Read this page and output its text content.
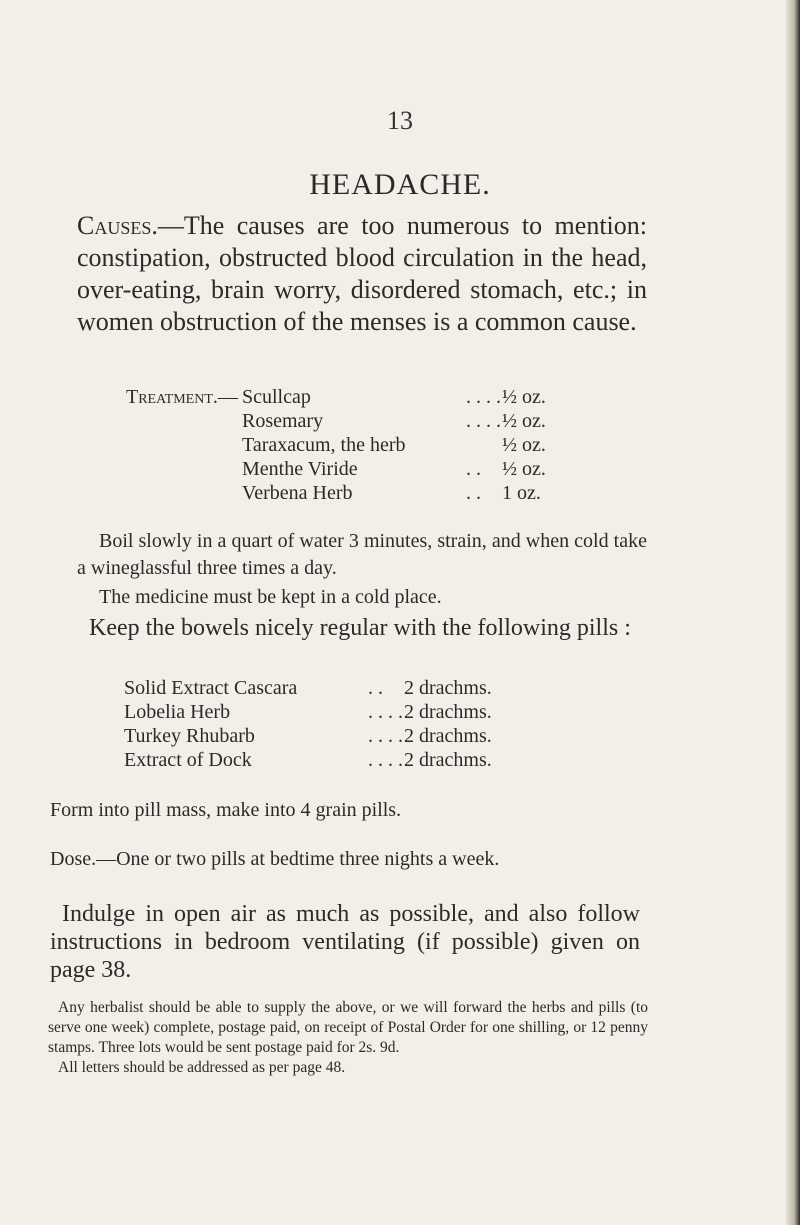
13
HEADACHE.
Causes.—The causes are too numerous to mention: constipation, obstructed blood circulation in the head, over-eating, brain worry, disordered stomach, etc.; in women obstruction of the menses is a common cause.
Treatment.— Scullcap	. . . . ½ oz.
Rosemary	. . . . ½ oz.
Taraxacum, the herb	½ oz.
Menthe Viride	. . ½ oz.
Verbena Herb	. . 1 oz.
Boil slowly in a quart of water 3 minutes, strain, and when cold take a wineglassful three times a day.
The medicine must be kept in a cold place.
Keep the bowels nicely regular with the following pills :
Solid Extract Cascara	. . 2 drachms.
Lobelia Herb	. . . . 2 drachms.
Turkey Rhubarb	. . . . 2 drachms.
Extract of Dock	. . . . 2 drachms.
Form into pill mass, make into 4 grain pills.
Dose.—One or two pills at bedtime three nights a week.
Indulge in open air as much as possible, and also follow instructions in bedroom ventilating (if possible) given on page 38.
Any herbalist should be able to supply the above, or we will forward the herbs and pills (to serve one week) complete, postage paid, on receipt of Postal Order for one shilling, or 12 penny stamps. Three lots would be sent postage paid for 2s. 9d.
All letters should be addressed as per page 48.
